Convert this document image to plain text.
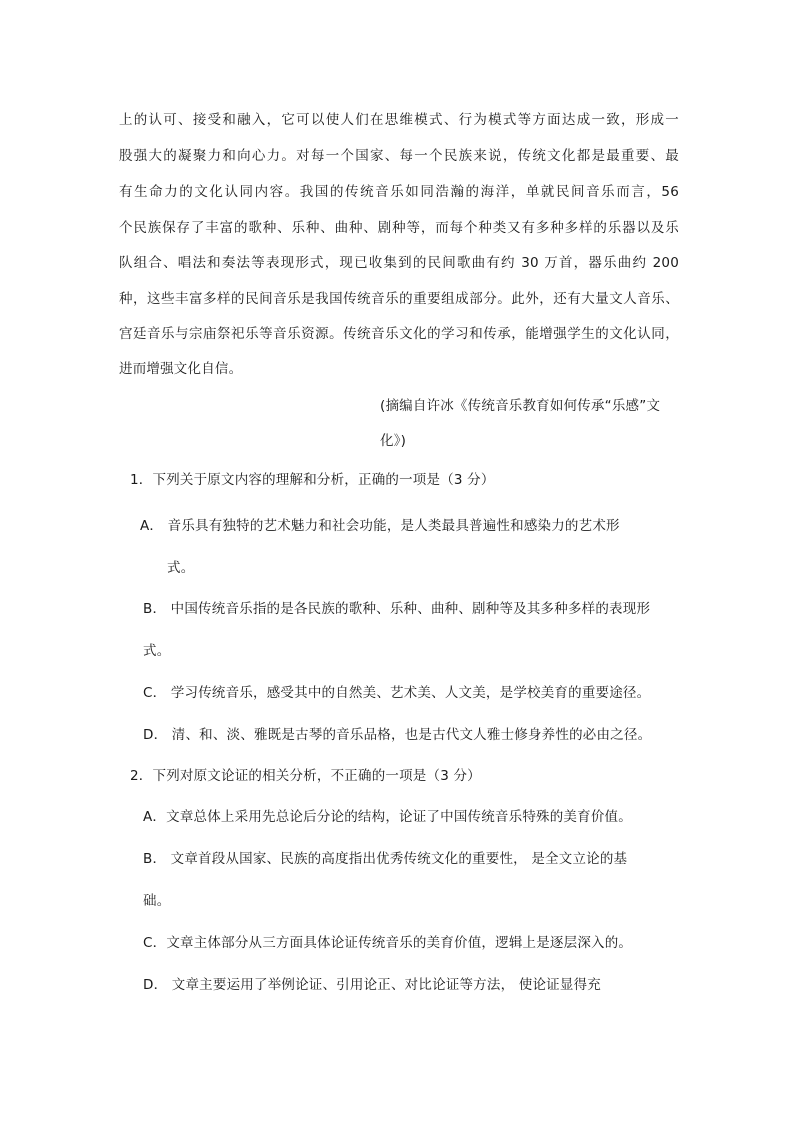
上的认可、接受和融入，它可以使人们在思维模式、行为模式等方面达成一致，形成一
股强大的凝聚力和向心力。对每一个国家、每一个民族来说，传统文化都是最重要、最
有生命力的文化认同内容。我国的传统音乐如同浩瀚的海洋，单就民间音乐而言，56
个民族保存了丰富的歌种、乐种、曲种、剧种等，而每个种类又有多种多样的乐器以及乐
队组合、唱法和奏法等表现形式，现已收集到的民间歌曲有约 30 万首，器乐曲约 200
种，这些丰富多样的民间音乐是我国传统音乐的重要组成部分。此外，还有大量文人音乐、
宫廷音乐与宗庙祭祀乐等音乐资源。传统音乐文化的学习和传承，能增强学生的文化认同，
进而增强文化自信。
(摘编自许冰《传统音乐教育如何传承“乐感”文
化》)
1．下列关于原文内容的理解和分析，正确的一项是（3 分）
A． 音乐具有独特的艺术魅力和社会功能，是人类最具普遍性和感染力的艺术形
式。
B． 中国传统音乐指的是各民族的歌种、乐种、曲种、剧种等及其多种多样的表现形
式。
C． 学习传统音乐，感受其中的自然美、艺术美、人文美，是学校美育的重要途径。
D． 清、和、淡、雅既是古琴的音乐品格，也是古代文人雅士修身养性的必由之径。
2．下列对原文论证的相关分析，不正确的一项是（3 分）
A．文章总体上采用先总论后分论的结构，论证了中国传统音乐特殊的美育价值。
B． 文章首段从国家、民族的高度指出优秀传统文化的重要性， 是全文立论的基
础。
C．文章主体部分从三方面具体论证传统音乐的美育价值，逻辑上是逐层深入的。
D． 文章主要运用了举例论证、引用论正、对比论证等方法， 使论证显得充
